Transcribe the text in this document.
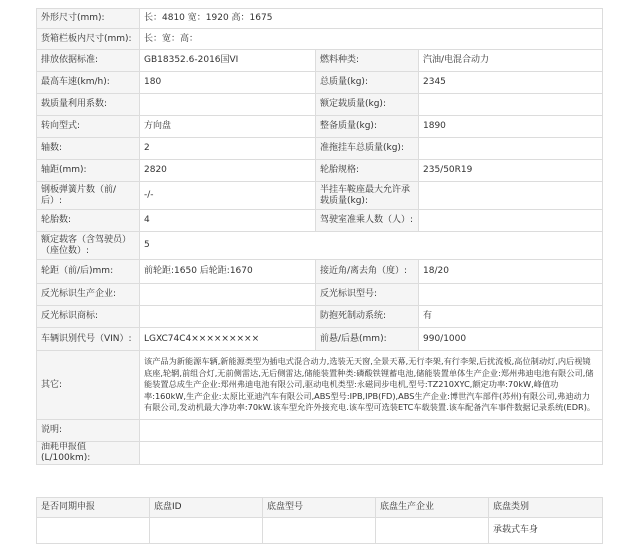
外形尺寸(mm):	长：4810 宽：1920 高：1675		
货箱栏板内尺寸(mm):	长：宽：高：		
排放依据标准:	GB18352.6-2016国VI	燃料种类:	汽油/电混合动力
最高车速(km/h):	180	总质量(kg):	2345
载质量利用系数:		额定载质量(kg):	
转向型式:	方向盘	整备质量(kg):	1890
轴数:	2	准拖挂车总质量(kg):	
轴距(mm):	2820	轮胎规格:	235/50R19
钢板弹簧片数（前/后）:	-/-	半挂车鞍座最大允许承载质量(kg):	
轮胎数:	4	驾驶室准乘人数（人）:	
额定载客（含驾驶员）（座位数）:	5		
轮距（前/后)mm:	前轮距:1650 后轮距:1670	接近角/离去角（度）:	18/20
反光标识生产企业:		反光标识型号:	
反光标识商标:		防抱死制动系统:	有
车辆识别代号（VIN）:	LGXC74C4×××××××××	前悬/后悬(mm):	990/1000
其它:	该产品为新能源车辆,新能源类型为插电式混合动力,选装无天窗,全景天幕,无行李架,有行李架,后扰流板,高位制动灯,内后视镜底座,轮辋,前组合灯,无前侧雷达,无后侧雷达,储能装置种类:磷酸铁锂蓄电池,储能装置单体生产企业:郑州弗迪电池有限公司,储能装置总成生产企业:郑州弗迪电池有限公司,驱动电机类型:永磁同步电机,型号:TZ210XYC,额定功率:70kW,峰值功率:160kW,生产企业:太原比亚迪汽车有限公司,ABS型号:IPB,IPB(FD),ABS生产企业:博世汽车部件(苏州)有限公司,弗迪动力有限公司,发动机最大净功率:70kW.该车型允许外接充电.该车型可选装ETC车载装置.该车配备汽车事件数据记录系统(EDR)。		
说明:			
油耗申报值(L/100km):			
是否同期申报	底盘ID	底盘型号	底盘生产企业	底盘类别
				承载式车身
